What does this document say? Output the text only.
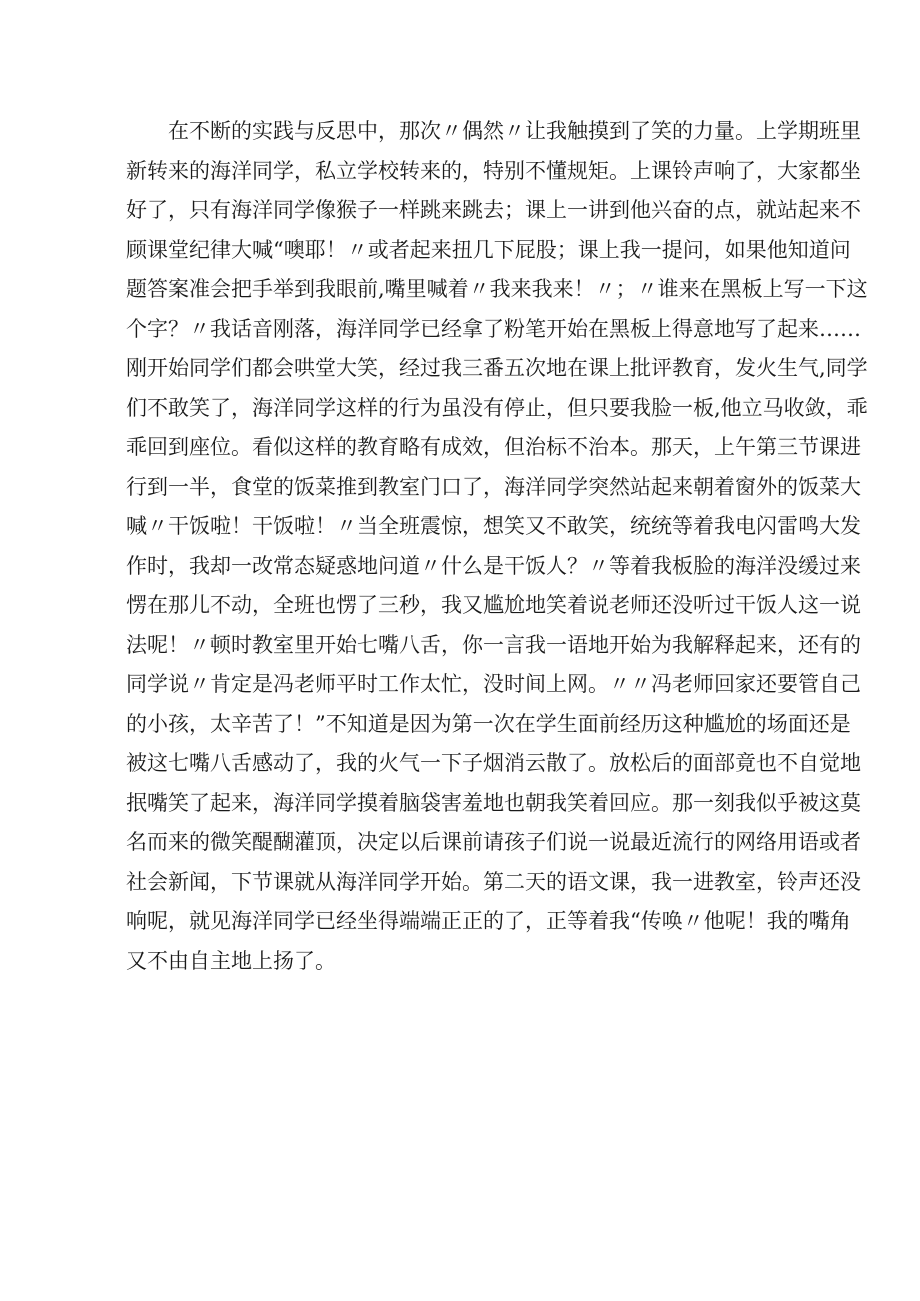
　　在不断的实践与反思中，那次〃偶然〃让我触摸到了笑的力量。上学期班里
新转来的海洋同学，私立学校转来的，特别不懂规矩。上课铃声响了，大家都坐
好了，只有海洋同学像猴子一样跳来跳去；课上一讲到他兴奋的点，就站起来不
顾课堂纪律大喊“噢耶！〃或者起来扭几下屁股；课上我一提问，如果他知道问
题答案准会把手举到我眼前,嘴里喊着〃我来我来！〃；〃谁来在黑板上写一下这
个字？〃我话音刚落，海洋同学已经拿了粉笔开始在黑板上得意地写了起来……
刚开始同学们都会哄堂大笑，经过我三番五次地在课上批评教育，发火生气,同学
们不敢笑了，海洋同学这样的行为虽没有停止，但只要我脸一板,他立马收敛，乖
乖回到座位。看似这样的教育略有成效，但治标不治本。那天，上午第三节课进
行到一半，食堂的饭菜推到教室门口了，海洋同学突然站起来朝着窗外的饭菜大
喊〃干饭啦！干饭啦！〃当全班震惊，想笑又不敢笑，统统等着我电闪雷鸣大发
作时，我却一改常态疑惑地问道〃什么是干饭人？〃等着我板脸的海洋没缓过来
愣在那儿不动，全班也愣了三秒，我又尴尬地笑着说老师还没听过干饭人这一说
法呢！〃顿时教室里开始七嘴八舌，你一言我一语地开始为我解释起来，还有的
同学说〃肯定是冯老师平时工作太忙，没时间上网。〃〃冯老师回家还要管自己
的小孩，太辛苦了！”不知道是因为第一次在学生面前经历这种尴尬的场面还是
被这七嘴八舌感动了，我的火气一下子烟消云散了。放松后的面部竟也不自觉地
抿嘴笑了起来，海洋同学摸着脑袋害羞地也朝我笑着回应。那一刻我似乎被这莫
名而来的微笑醍醐灌顶，决定以后课前请孩子们说一说最近流行的网络用语或者
社会新闻，下节课就从海洋同学开始。第二天的语文课，我一进教室，铃声还没
响呢，就见海洋同学已经坐得端端正正的了，正等着我“传唤〃他呢！我的嘴角
又不由自主地上扬了。
